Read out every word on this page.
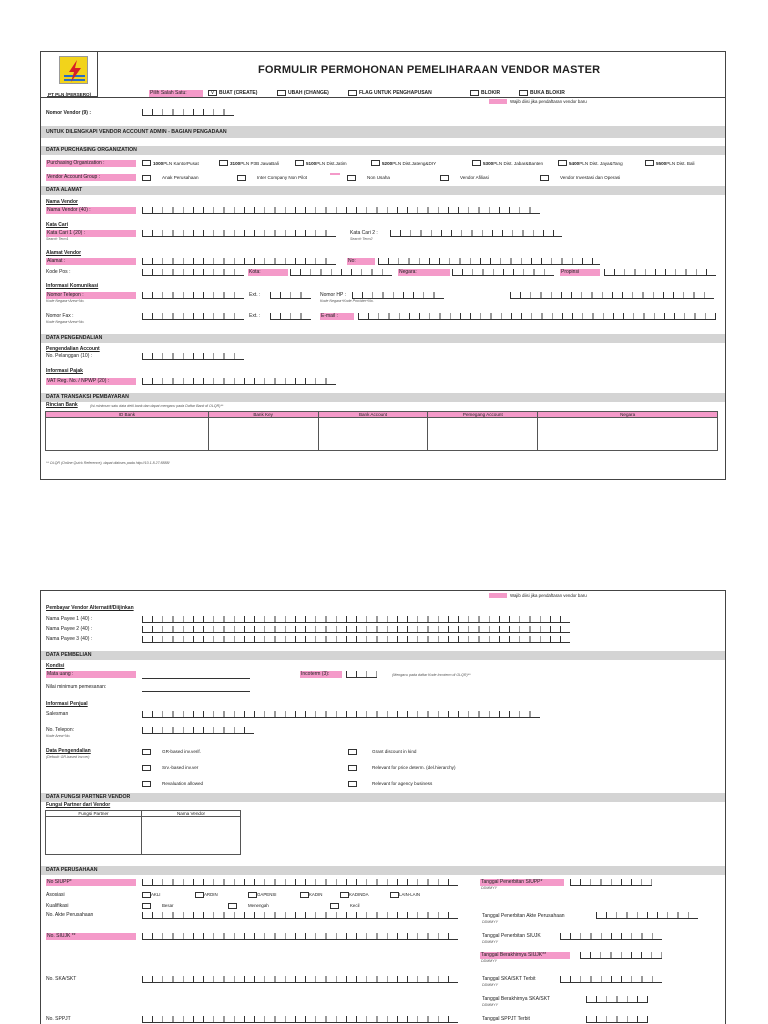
PT PLN (PERSERO)
FORMULIR PERMOHONAN PEMELIHARAAN VENDOR MASTER
Pilih Salah Satu:	v	BUAT (CREATE)	UBAH (CHANGE)	FLAG UNTUK PENGHAPUSAN	BLOKIR	BUKA BLOKIR
Wajib diisi jika pendaftaran vendor baru
Nomor Vendor (9) :
UNTUK DILENGKAPI VENDOR ACCOUNT ADMIN - BAGIAN PENGADAAN
DATA PURCHASING ORGANIZATION
Purchasing Organization :	1000PLN KantorPusat	3100PLN P3B JawaBali	5100PLN Dist.Jatim	5200PLN Dist.Jateng&DIY	5300PLN Dist. Jabar&Banten	5400PLN Dist. Jaya&Tang	5500PLN Dist. Bali
Vendor Account Group :	Anak Perusahaan	Inter Company Non Pilot	Non Usaha	Vendor Afiliasi	Vendor Investasi dan Operasi
DATA ALAMAT
Nama Vendor
Nama Vendor (40) :
Kata Cari
Kata Cari 1 (20) :
Search Term1
Kata Cari 2 :
Search Term2
Alamat Vendor
Alamat :	No:
Kode Pos :	Kota:	Negara:	Propinsi
Informasi Komunikasi
Nomor Telepon :
Kode Negara+Area+No.
Ext. :	Nomor HP :
Kode Negara+Kode Provider+No.
Nomor Fax :
Kode Negara+Area+No.
Ext. :	E-mail :
DATA PENGENDALIAN
Pengendalian Account
No. Pelanggan (10) :
Informasi Pajak
VAT Reg. No. / NPWP (20) :
DATA TRANSAKSI PEMBAYARAN
Rincian Bank	(Isi minimum satu data detil bank dan dapat mengacu pada Daftar Bank di OLQR)**
ID Bank	Bank Key	Bank Account	Pemegang Account	Negara

** OLQR (Online Quick Reference), dapat diakses pada http://10.1.8.27:8888/
Wajib diisi jika pendaftaran vendor baru
Pembayar Vendor Alternatif/Diijinkan
Nama Payee 1 (40) :
Nama Payee 2 (40) :
Nama Payee 3 (40) :
DATA PEMBELIAN
Kondisi
Mata uang :	Incoterm (3):	(Mengacu pada daftar Kode Incoterm di OLQR)**
Nilai minimum pemesanan:
Informasi Penjual
Salesman
No. Telepon:
Kode Area+No.
Data Pengendalian
(Default: GR-based inv.ver)
GR-based inv.verif.
Srv.-based inv.ver
Revaluation allowed
Grant discount in kind
Relevant for price determ. (del.hierarchy)
Relevant for agency business
DATA FUNGSI PARTNER VENDOR
Fungsi Partner dari Vendor
Fungsi Partner	Nama Vendor

DATA PERUSAHAAN
No SIUPP*	Tanggal Penerbitan SIUPP*
DDMMYY
Asosiasi	AKLI	ARDIN	GAPENSI	KADIN	KADINDA	LAIN-LAIN
Kualifikasi	Besar	Menengah	Kecil
No. Akte Perusahaan	Tanggal Penerbitan Akte Perusahaan
DDMMYY
No. SIUJK **	Tanggal Penerbitan SIUJK
DDMMYY
Tanggal Berakhirnya SIUJK**
DDMMYY
No. SKA/SKT	Tanggal SKA/SKT Terbit
DDMMYY
Tanggal Berakhirnya SKA/SKT
DDMMYY
No. SPPJT	Tanggal SPPJT Terbit
